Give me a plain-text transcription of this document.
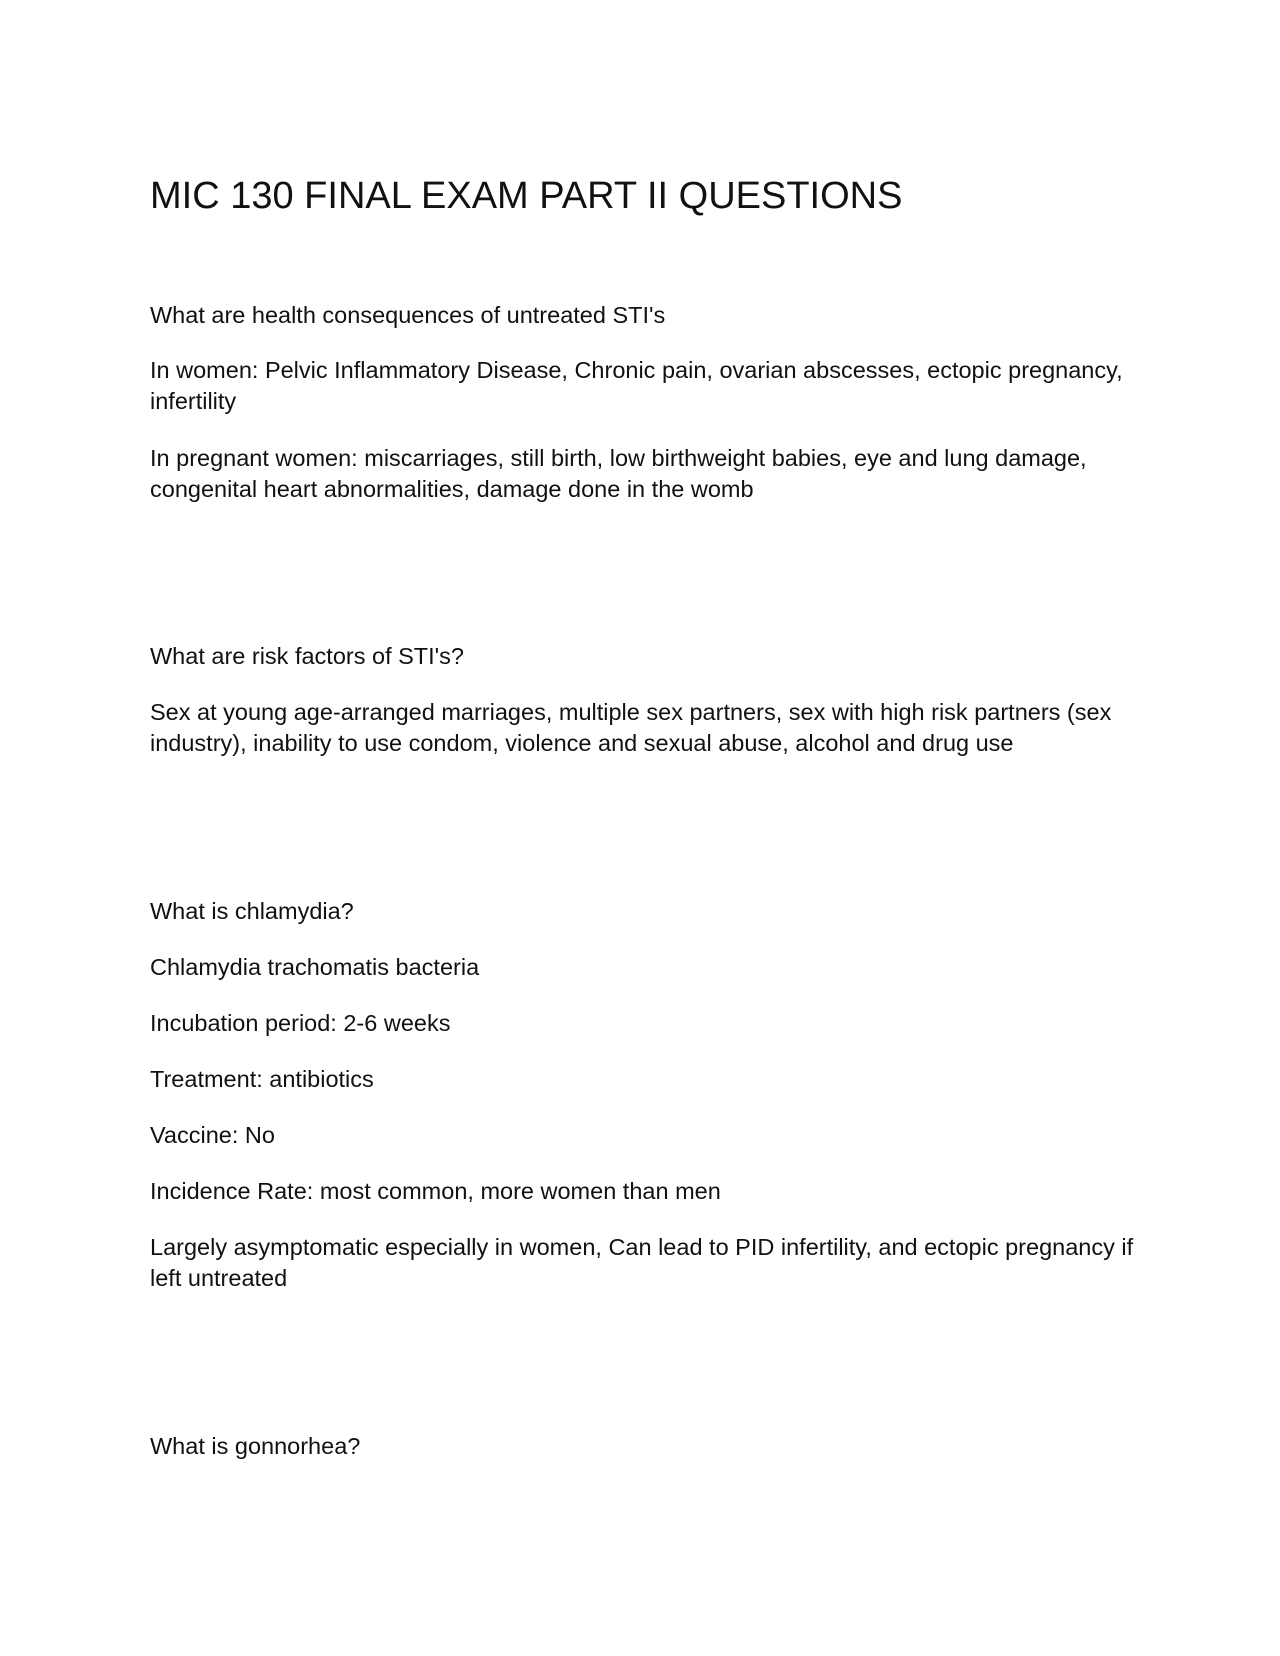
MIC 130 FINAL EXAM PART II QUESTIONS

What are health consequences of untreated STI's

In women: Pelvic Inflammatory Disease, Chronic pain, ovarian abscesses, ectopic pregnancy, infertility

In pregnant women: miscarriages, still birth, low birthweight babies, eye and lung damage, congenital heart abnormalities, damage done in the womb

What are risk factors of STI's?

Sex at young age-arranged marriages, multiple sex partners, sex with high risk partners (sex industry), inability to use condom, violence and sexual abuse, alcohol and drug use

What is chlamydia?

Chlamydia trachomatis bacteria

Incubation period: 2-6 weeks

Treatment: antibiotics

Vaccine: No

Incidence Rate: most common, more women than men

Largely asymptomatic especially in women, Can lead to PID infertility, and ectopic pregnancy if left untreated

What is gonnorhea?
